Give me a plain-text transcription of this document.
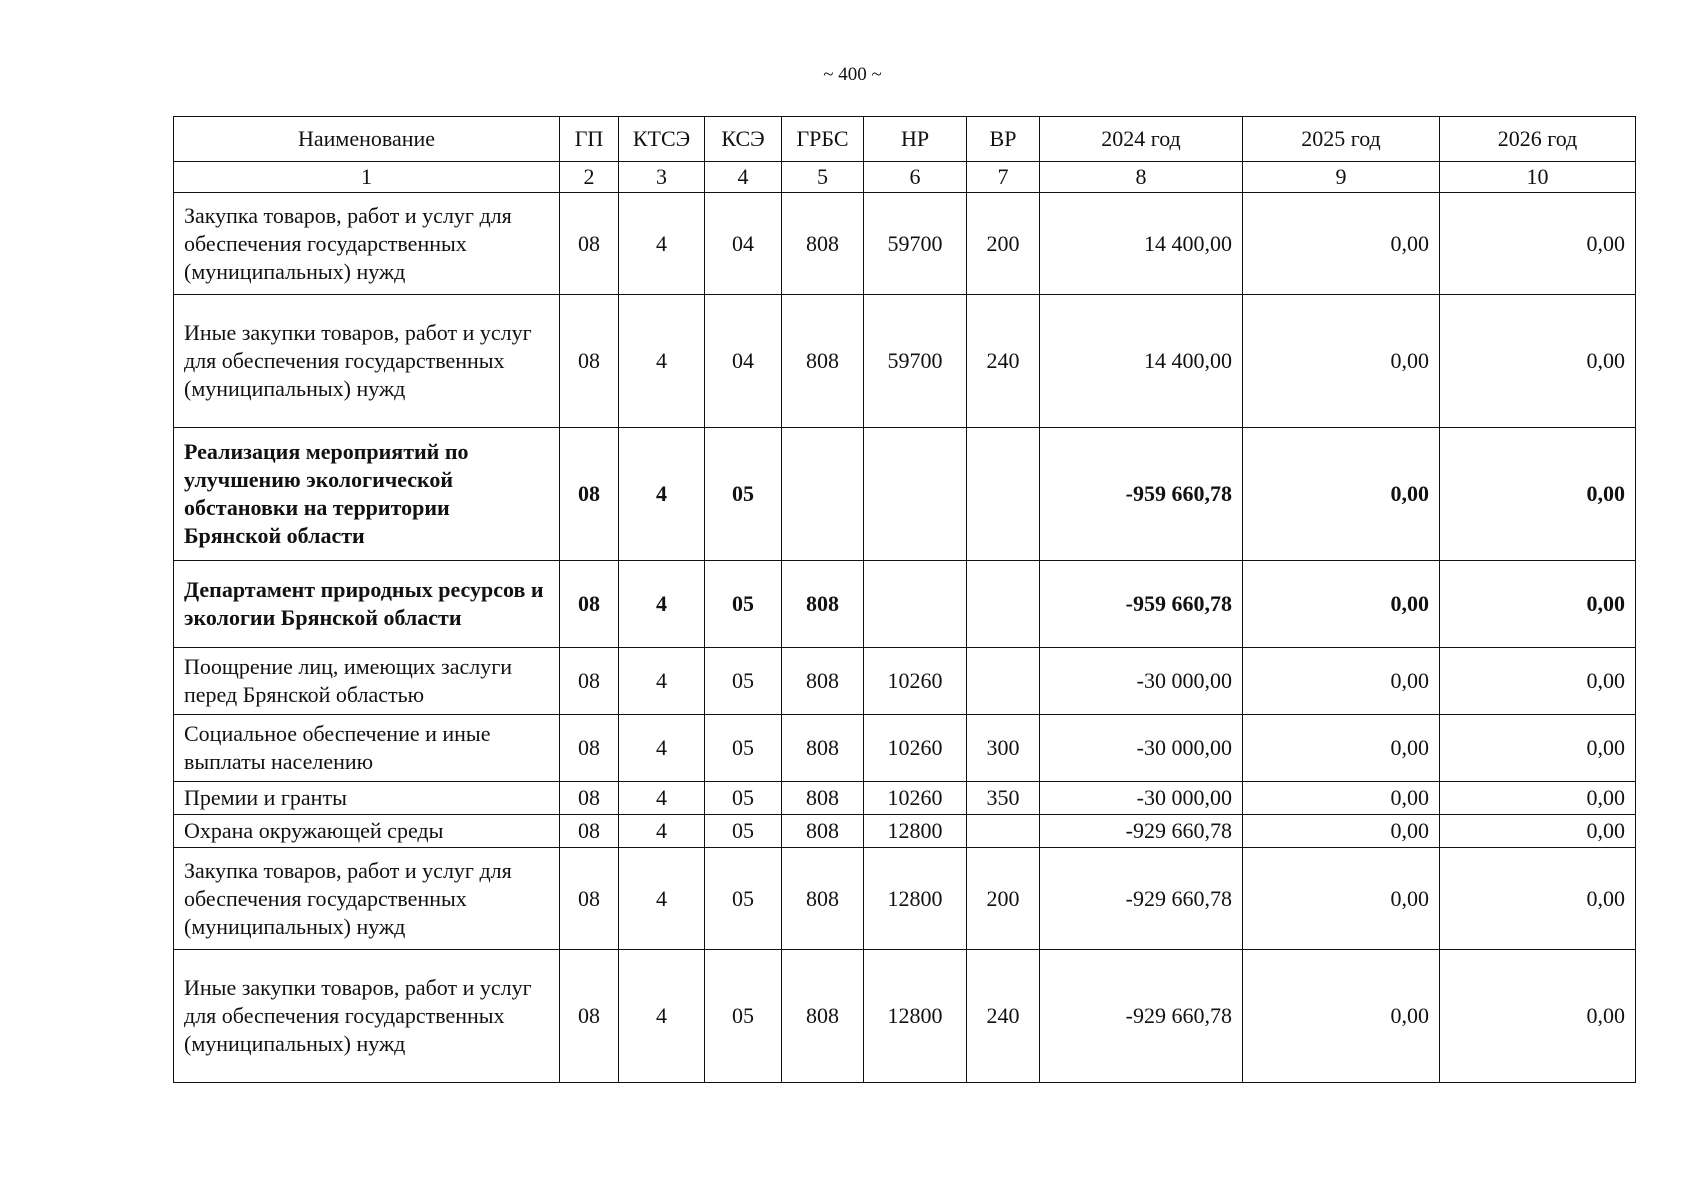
~ 400 ~
Наименование	ГП	КТСЭ	КСЭ	ГРБС	НР	ВР	2024 год	2025 год	2026 год
1	2	3	4	5	6	7	8	9	10
Закупка товаров, работ и услуг для обеспечения государственных (муниципальных) нужд	08	4	04	808	59700	200	14 400,00	0,00	0,00
Иные закупки товаров, работ и услуг для обеспечения государственных (муниципальных) нужд	08	4	04	808	59700	240	14 400,00	0,00	0,00
Реализация мероприятий по улучшению экологической обстановки на территории Брянской области	08	4	05				-959 660,78	0,00	0,00
Департамент природных ресурсов и экологии Брянской области	08	4	05	808			-959 660,78	0,00	0,00
Поощрение лиц, имеющих заслуги перед Брянской областью	08	4	05	808	10260		-30 000,00	0,00	0,00
Социальное обеспечение и иные выплаты населению	08	4	05	808	10260	300	-30 000,00	0,00	0,00
Премии и гранты	08	4	05	808	10260	350	-30 000,00	0,00	0,00
Охрана окружающей среды	08	4	05	808	12800		-929 660,78	0,00	0,00
Закупка товаров, работ и услуг для обеспечения государственных (муниципальных) нужд	08	4	05	808	12800	200	-929 660,78	0,00	0,00
Иные закупки товаров, работ и услуг для обеспечения государственных (муниципальных) нужд	08	4	05	808	12800	240	-929 660,78	0,00	0,00
